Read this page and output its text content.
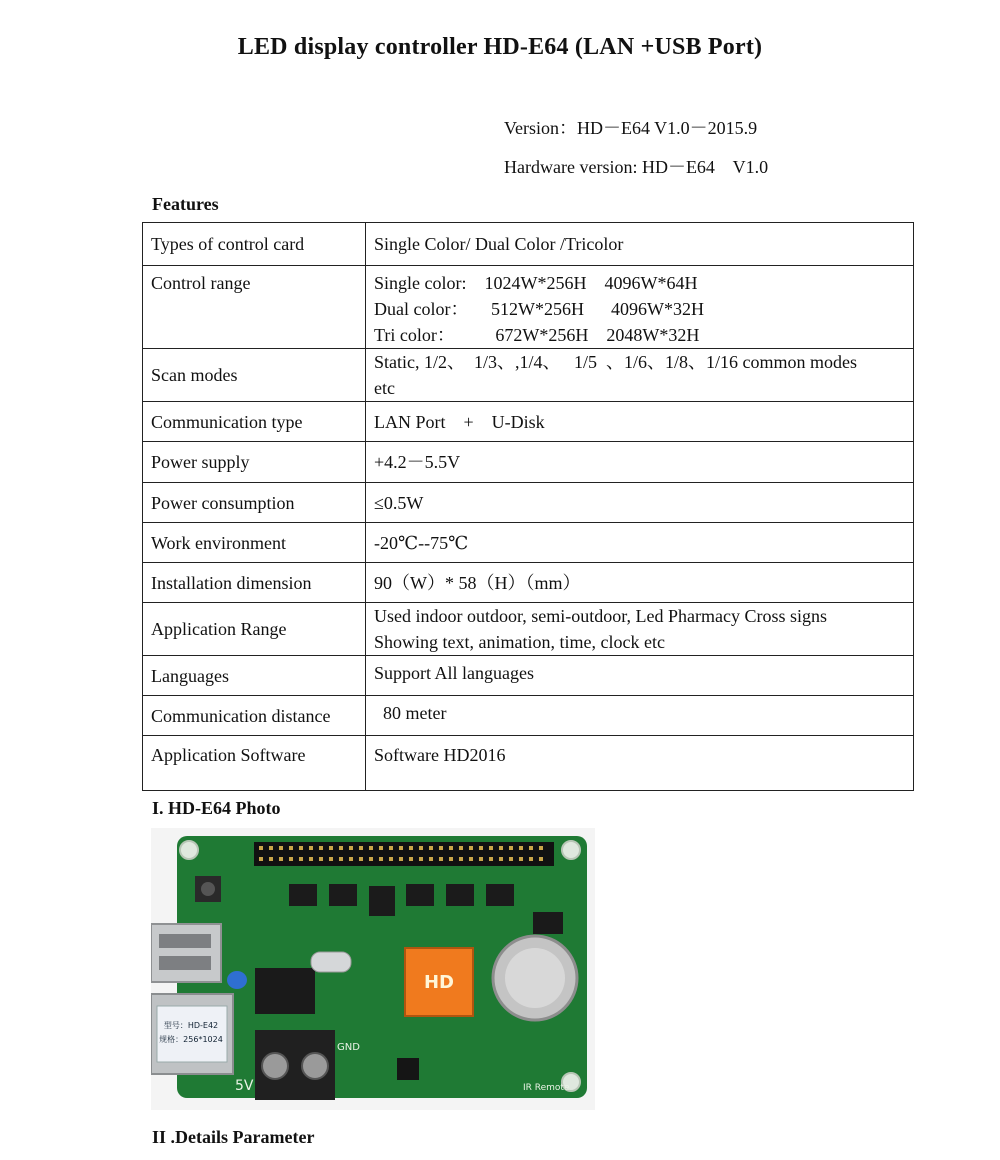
LED display controller HD-E64 (LAN +USB Port)
Version：HD－E64 V1.0－2015.9
Hardware version: HD－E64    V1.0
Features
Types of control card	Single Color/ Dual Color /Tricolor
Control range	Single color:    1024W*256H    4096W*64H
Dual color：     512W*256H      4096W*32H
Tri color：         672W*256H    2048W*32H
Scan modes	Static, 1/2、  1/3、,1/4、   1/5  、1/6、1/8、1/16 common modes
etc
Communication type	LAN Port    +    U-Disk
Power supply	+4.2－5.5V
Power consumption	≤0.5W
Work environment	-20℃--75℃
Installation dimension	90（W）* 58（H）（mm）
Application Range	Used indoor outdoor, semi-outdoor, Led Pharmacy Cross signs
Showing text, animation, time, clock etc
Languages	Support All languages
Communication distance	80 meter
Application Software	Software HD2016
I. HD-E64 Photo
型号：HD-E42
规格：256*1024
HD
5V
GND
IR Remote
II .Details Parameter
